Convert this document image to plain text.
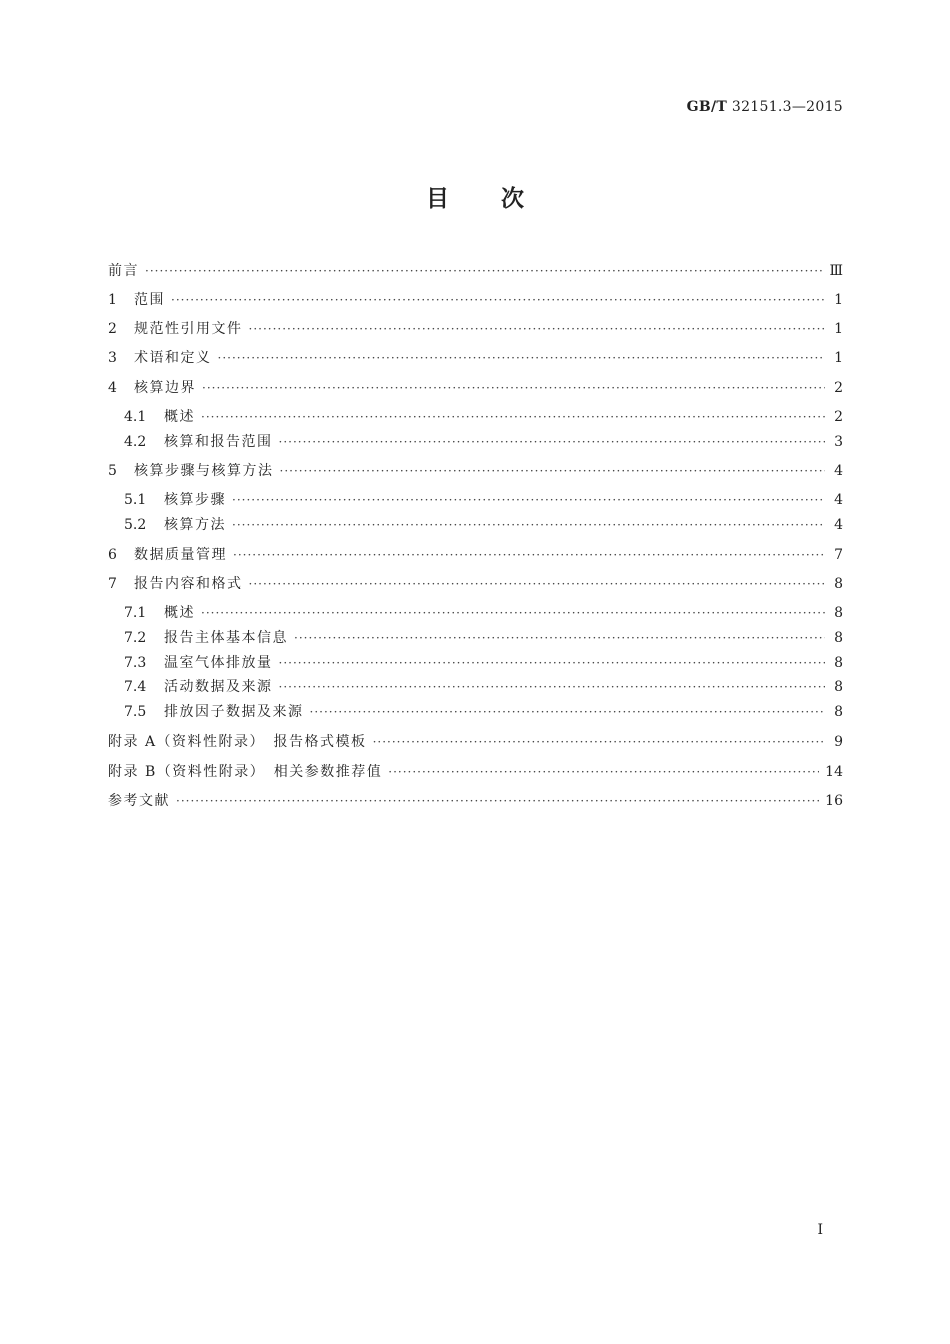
GB/T 32151.3—2015
目次
前言 ·····	Ⅲ
1	范围 ·····	1
2	规范性引用文件 ·····	1
3	术语和定义 ·····	1
4	核算边界 ·····	2
4.1	概述 ·····	2
4.2	核算和报告范围 ·····	3
5	核算步骤与核算方法 ·····	4
5.1	核算步骤 ·····	4
5.2	核算方法 ·····	4
6	数据质量管理 ·····	7
7	报告内容和格式 ·····	8
7.1	概述 ·····	8
7.2	报告主体基本信息 ·····	8
7.3	温室气体排放量 ·····	8
7.4	活动数据及来源 ·····	8
7.5	排放因子数据及来源 ·····	8
附录 A（资料性附录）　报告格式模板 ·····	9
附录 B（资料性附录）　相关参数推荐值 ·····	14
参考文献 ·····	16
I
